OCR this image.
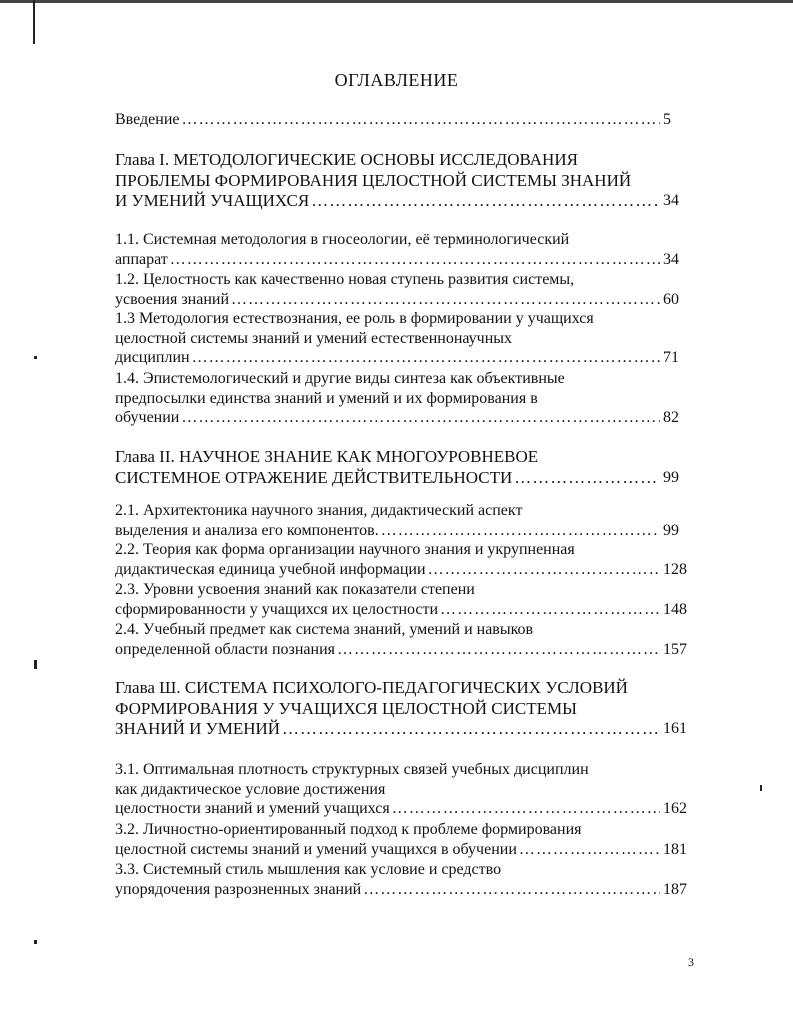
ОГЛАВЛЕНИЕ
Введение …………………………………………………………………………………………………………………………	5
Глава I. МЕТОДОЛОГИЧЕСКИЕ ОСНОВЫ ИССЛЕДОВАНИЯ
ПРОБЛЕМЫ ФОРМИРОВАНИЯ ЦЕЛОСТНОЙ СИСТЕМЫ ЗНАНИЙ
И УМЕНИЙ УЧАЩИХСЯ …………………………………………………………………………………………………………………………	34
1.1. Системная методология в гносеологии, её терминологический
аппарат …………………………………………………………………………………………………………………………	34
1.2. Целостность как качественно новая ступень развития системы,
усвоения знаний …………………………………………………………………………………………………………………………	60
1.3 Методология естествознания, ее роль в формировании у учащихся
целостной системы знаний и умений естественнонаучных
дисциплин …………………………………………………………………………………………………………………………	71
1.4. Эпистемологический и другие виды синтеза как объективные
предпосылки единства знаний и умений и их формирования в
обучении …………………………………………………………………………………………………………………………	82
Глава II. НАУЧНОЕ ЗНАНИЕ КАК МНОГОУРОВНЕВОЕ
СИСТЕМНОЕ ОТРАЖЕНИЕ ДЕЙСТВИТЕЛЬНОСТИ …………………………………………………………………………………………………………………………	99
2.1. Архитектоника научного знания, дидактический аспект
выделения и анализа его компонентов. …………………………………………………………………………………………………………………………	99
2.2. Теория как форма организации научного знания и укрупненная
дидактическая единица учебной информации …………………………………………………………………………………………………………………………	128
2.3. Уровни усвоения знаний как показатели степени
сформированности у учащихся их целостности …………………………………………………………………………………………………………………………	148
2.4. Учебный предмет как система знаний, умений и навыков
определенной области познания …………………………………………………………………………………………………………………………	157
Глава Ш. СИСТЕМА ПСИХОЛОГО-ПЕДАГОГИЧЕСКИХ УСЛОВИЙ
ФОРМИРОВАНИЯ У УЧАЩИХСЯ ЦЕЛОСТНОЙ СИСТЕМЫ
ЗНАНИЙ И УМЕНИЙ …………………………………………………………………………………………………………………………	161
3.1. Оптимальная плотность структурных связей учебных дисциплин
как дидактическое условие достижения
целостности знаний и умений учащихся …………………………………………………………………………………………………………………………	162
3.2. Личностно-ориентированный подход к проблеме формирования
целостной системы знаний и умений учащихся в обучении …………………………………………………………………………………………………………………………	181
3.3. Системный стиль мышления как условие и средство
упорядочения разрозненных знаний …………………………………………………………………………………………………………………………	187
3
